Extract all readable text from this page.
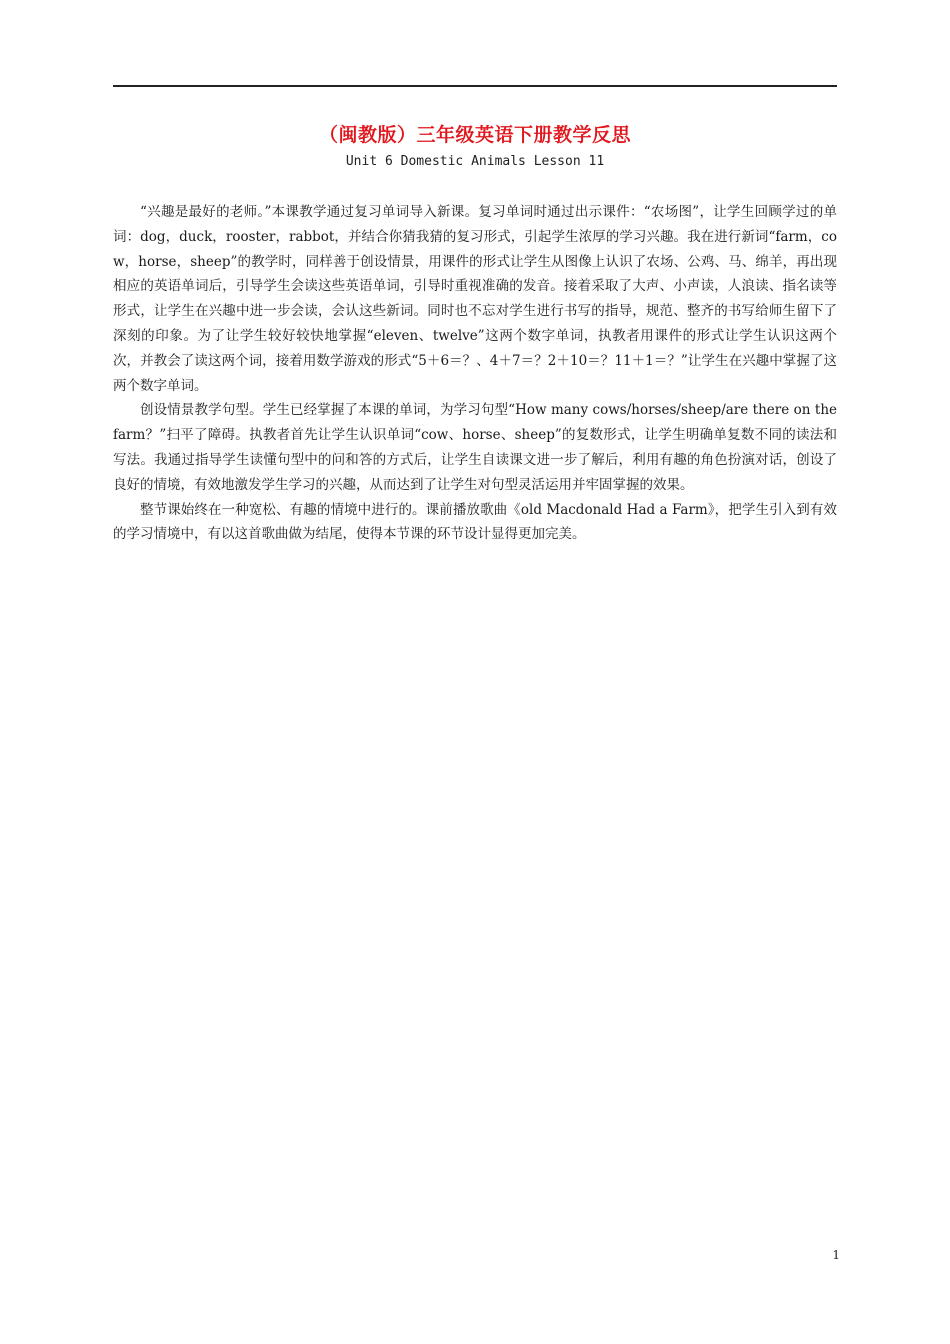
（闽教版）三年级英语下册教学反思
Unit 6 Domestic Animals Lesson 11

“兴趣是最好的老师。”本课教学通过复习单词导入新课。复习单词时通过出示课件：“农场图”，让学生回顾学过的单词：dog，duck，rooster，rabbot，并结合你猜我猜的复习形式，引起学生浓厚的学习兴趣。我在进行新词“farm，cow，horse，sheep”的教学时，同样善于创设情景，用课件的形式让学生从图像上认识了农场、公鸡、马、绵羊，再出现相应的英语单词后，引导学生会读这些英语单词，引导时重视准确的发音。接着采取了大声、小声读，人浪读、指名读等形式，让学生在兴趣中进一步会读，会认这些新词。同时也不忘对学生进行书写的指导，规范、整齐的书写给师生留下了深刻的印象。为了让学生较好较快地掌握“eleven、twelve”这两个数字单词，执教者用课件的形式让学生认识这两个次，并教会了读这两个词，接着用数学游戏的形式“5＋6＝？、4＋7＝？2＋10＝？11＋1＝？”让学生在兴趣中掌握了这两个数字单词。

创设情景教学句型。学生已经掌握了本课的单词，为学习句型“How many cows/horses/sheep/are there on the farm？”扫平了障碍。执教者首先让学生认识单词“cow、horse、sheep”的复数形式，让学生明确单复数不同的读法和写法。我通过指导学生读懂句型中的问和答的方式后，让学生自读课文进一步了解后，利用有趣的角色扮演对话，创设了良好的情境，有效地激发学生学习的兴趣，从而达到了让学生对句型灵活运用并牢固掌握的效果。

整节课始终在一种宽松、有趣的情境中进行的。课前播放歌曲《old Macdonald Had a Farm》，把学生引入到有效的学习情境中，有以这首歌曲做为结尾，使得本节课的环节设计显得更加完美。

1
